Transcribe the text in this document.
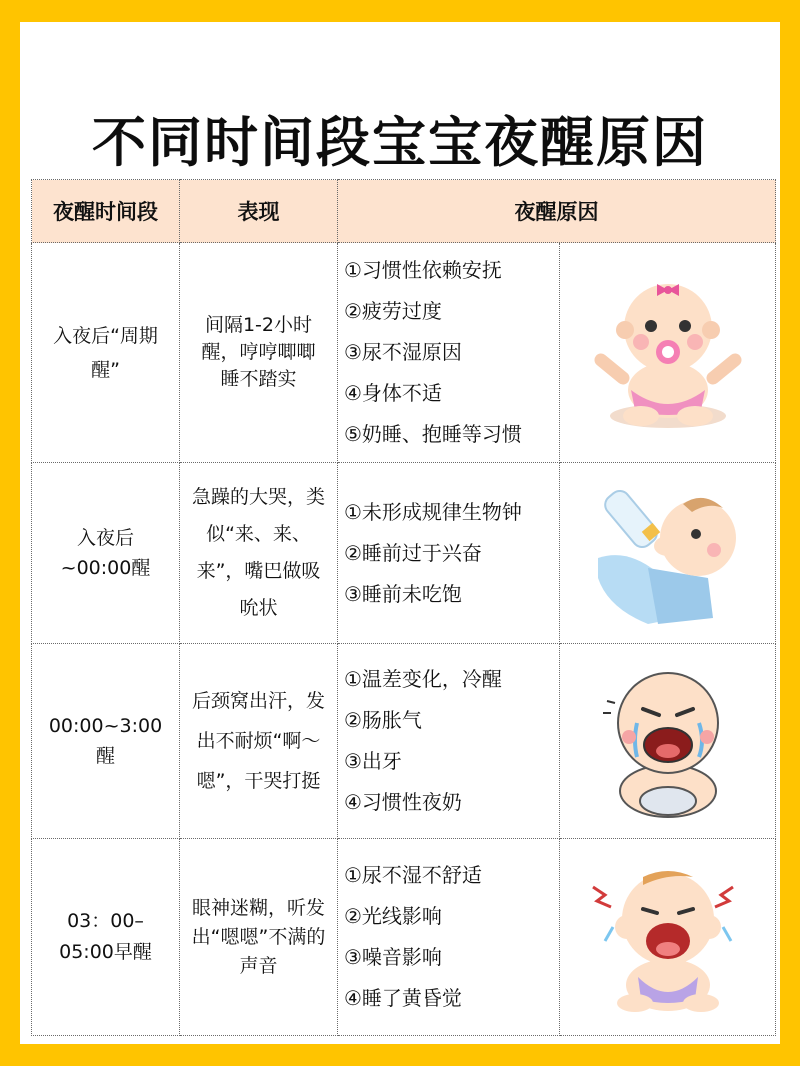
不同时间段宝宝夜醒原因
夜醒时间段	表现	夜醒原因	

入夜后“周期醒”	间隔1-2小时醒，哼哼唧唧睡不踏实	①习惯性依赖安抚
②疲劳过度
③尿不湿原因
④身体不适
⑤奶睡、抱睡等习惯

入夜后~00:00醒	急躁的大哭，类似“来、来、来”，嘴巴做吸吮状	①未形成规律生物钟
②睡前过于兴奋
③睡前未吃饱

00:00~3:00醒	后颈窝出汗，发出不耐烦“啊～嗯”，干哭打挺	①温差变化，冷醒
②肠胀气
③出牙
④习惯性夜奶

03：00–05:00早醒	眼神迷糊，听发出“嗯嗯”不满的声音	①尿不湿不舒适
②光线影响
③噪音影响
④睡了黄昏觉
